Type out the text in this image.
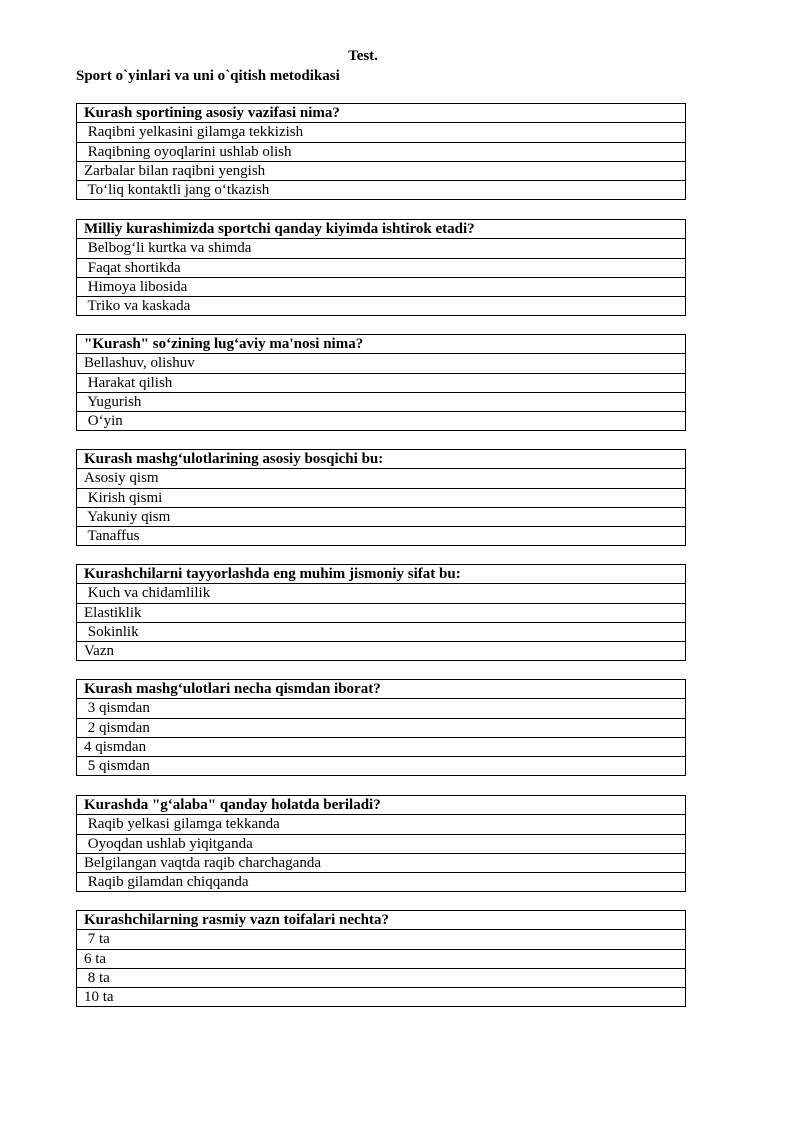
Test.
Sport o`yinlari va uni o`qitish metodikasi
Kurash sportining asosiy vazifasi nima?
Raqibni yelkasini gilamga tekkizish
Raqibning oyoqlarini ushlab olish
Zarbalar bilan raqibni yengish
To‘liq kontaktli jang o‘tkazish
Milliy kurashimizda sportchi qanday kiyimda ishtirok etadi?
Belbog‘li kurtka va shimda
Faqat shortikda
Himoya libosida
Triko va kaskada
"Kurash" so‘zining lug‘aviy ma'nosi nima?
Bellashuv, olishuv
Harakat qilish
Yugurish
O‘yin
Kurash mashg‘ulotlarining asosiy bosqichi bu:
Asosiy qism
Kirish qismi
Yakuniy qism
Tanaffus
Kurashchilarni tayyorlashda eng muhim jismoniy sifat bu:
Kuch va chidamlilik
Elastiklik
Sokinlik
Vazn
Kurash mashg‘ulotlari necha qismdan iborat?
3 qismdan
2 qismdan
4 qismdan
5 qismdan
Kurashda "g‘alaba" qanday holatda beriladi?
Raqib yelkasi gilamga tekkanda
Oyoqdan ushlab yiqitganda
Belgilangan vaqtda raqib charchaganda
Raqib gilamdan chiqqanda
Kurashchilarning rasmiy vazn toifalari nechta?
7 ta
6 ta
8 ta
10 ta
